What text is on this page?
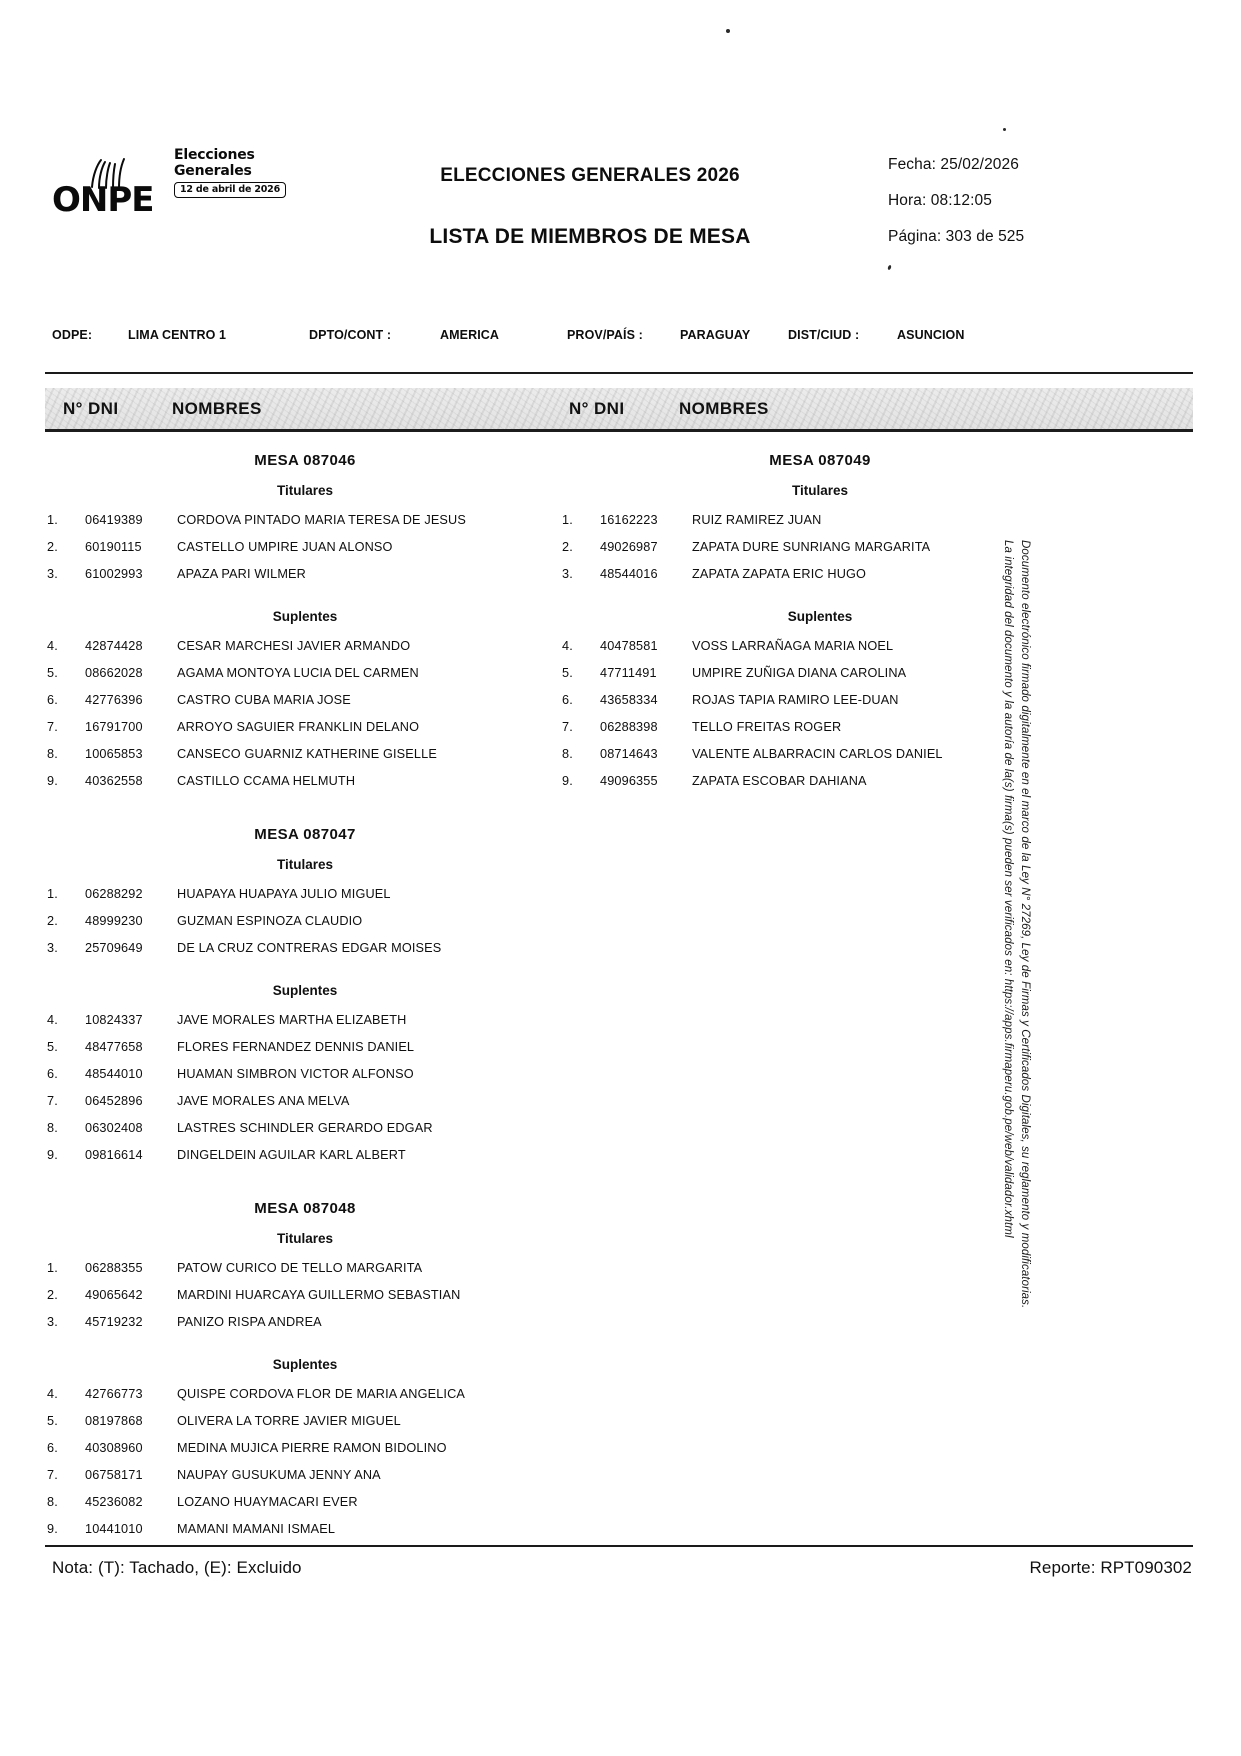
ONPE
Elecciones
Generales
12 de abril de 2026
ELECCIONES GENERALES 2026
LISTA DE MIEMBROS DE MESA
Fecha: 25/02/2026
Hora: 08:12:05
Página: 303 de 525
ODPE:	LIMA CENTRO 1	DPTO/CONT :	AMERICA	PROV/PAÍS :	PARAGUAY	DIST/CIUD :	ASUNCION
N° DNI	NOMBRES	N° DNI	NOMBRES
MESA 087046
Titulares
1.	06419389	CORDOVA PINTADO MARIA TERESA DE JESUS
2.	60190115	CASTELLO UMPIRE JUAN ALONSO
3.	61002993	APAZA PARI WILMER
Suplentes
4.	42874428	CESAR MARCHESI JAVIER ARMANDO
5.	08662028	AGAMA MONTOYA LUCIA DEL CARMEN
6.	42776396	CASTRO CUBA MARIA JOSE
7.	16791700	ARROYO SAGUIER FRANKLIN DELANO
8.	10065853	CANSECO GUARNIZ KATHERINE GISELLE
9.	40362558	CASTILLO CCAMA HELMUTH
MESA 087047
Titulares
1.	06288292	HUAPAYA HUAPAYA JULIO MIGUEL
2.	48999230	GUZMAN ESPINOZA CLAUDIO
3.	25709649	DE LA CRUZ CONTRERAS EDGAR MOISES
Suplentes
4.	10824337	JAVE MORALES MARTHA ELIZABETH
5.	48477658	FLORES FERNANDEZ DENNIS DANIEL
6.	48544010	HUAMAN SIMBRON VICTOR ALFONSO
7.	06452896	JAVE MORALES ANA MELVA
8.	06302408	LASTRES SCHINDLER GERARDO EDGAR
9.	09816614	DINGELDEIN AGUILAR KARL ALBERT
MESA 087048
Titulares
1.	06288355	PATOW CURICO DE TELLO MARGARITA
2.	49065642	MARDINI HUARCAYA GUILLERMO SEBASTIAN
3.	45719232	PANIZO RISPA ANDREA
Suplentes
4.	42766773	QUISPE CORDOVA FLOR DE MARIA ANGELICA
5.	08197868	OLIVERA LA TORRE JAVIER MIGUEL
6.	40308960	MEDINA MUJICA PIERRE RAMON BIDOLINO
7.	06758171	NAUPAY GUSUKUMA JENNY ANA
8.	45236082	LOZANO HUAYMACARI EVER
9.	10441010	MAMANI MAMANI ISMAEL
MESA 087049
Titulares
1.	16162223	RUIZ RAMIREZ JUAN
2.	49026987	ZAPATA DURE SUNRIANG MARGARITA
3.	48544016	ZAPATA ZAPATA ERIC HUGO
Suplentes
4.	40478581	VOSS LARRAÑAGA MARIA NOEL
5.	47711491	UMPIRE ZUÑIGA DIANA CAROLINA
6.	43658334	ROJAS TAPIA RAMIRO LEE-DUAN
7.	06288398	TELLO FREITAS ROGER
8.	08714643	VALENTE ALBARRACIN CARLOS DANIEL
9.	49096355	ZAPATA ESCOBAR DAHIANA	Documento electrónico firmado digitalmente en el marco de la Ley N° 27269, Ley de Firmas y Certificados Digitales, su reglamento y modificatorias.
La integridad del documento y la autoría de la(s) firma(s) pueden ser verificados en: https://apps.firmaperu.gob.pe/web/validador.xhtml
Nota: (T): Tachado, (E): Excluido	Reporte: RPT090302
